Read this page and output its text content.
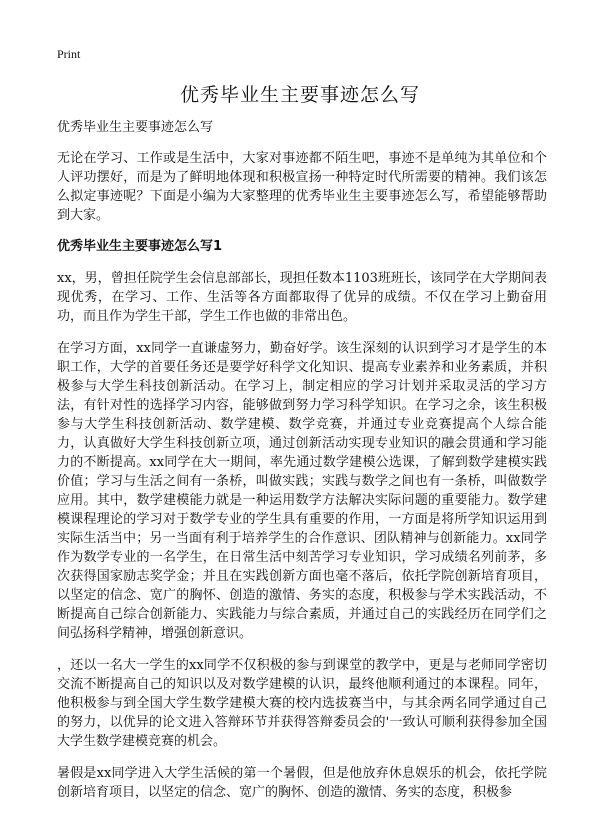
Print
优秀毕业生主要事迹怎么写
优秀毕业生主要事迹怎么写

无论在学习、工作或是生活中，大家对事迹都不陌生吧，事迹不是单纯为其单位和个人评功摆好，而是为了鲜明地体现和积极宣扬一种特定时代所需要的精神。我们该怎么拟定事迹呢？下面是小编为大家整理的优秀毕业生主要事迹怎么写，希望能够帮助到大家。

优秀毕业生主要事迹怎么写1

xx，男，曾担任院学生会信息部部长，现担任数本1103班班长，该同学在大学期间表现优秀，在学习、工作、生活等各方面都取得了优异的成绩。不仅在学习上勤奋用功，而且作为学生干部，学生工作也做的非常出色。

在学习方面，xx同学一直谦虚努力，勤奋好学。该生深刻的认识到学习才是学生的本职工作，大学的首要任务还是要学好科学文化知识、提高专业素养和业务素质，并积极参与大学生科技创新活动。在学习上，制定相应的学习计划并采取灵活的学习方法，有针对性的选择学习内容，能够做到努力学习科学知识。在学习之余，该生积极参与大学生科技创新活动、数学建模、数学竞赛，并通过专业竞赛提高个人综合能力，认真做好大学生科技创新立项，通过创新活动实现专业知识的融会贯通和学习能力的不断提高。xx同学在大一期间，率先通过数学建模公选课，了解到数学建模实践价值；学习与生活之间有一条桥，叫做实践；实践与数学之间也有一条桥，叫做数学应用。其中，数学建模能力就是一种运用数学方法解决实际问题的重要能力。数学建模课程理论的学习对于数学专业的学生具有重要的作用，一方面是将所学知识运用到实际生活当中；另一当面有利于培养学生的合作意识、团队精神与创新能力。xx同学作为数学专业的一名学生，在日常生活中刻苦学习专业知识，学习成绩名列前茅，多次获得国家励志奖学金；并且在实践创新方面也毫不落后，依托学院创新培育项目，以坚定的信念、宽广的胸怀、创造的激情、务实的态度，积极参与学术实践活动，不断提高自己综合创新能力、实践能力与综合素质，并通过自己的实践经历在同学们之间弘扬科学精神，增强创新意识。

，还以一名大一学生的xx同学不仅积极的参与到课堂的教学中，更是与老师同学密切交流不断提高自己的知识以及对数学建模的认识，最终他顺利通过的本课程。同年，他积极参与到全国大学生数学建模大赛的校内选拔赛当中，与其余两名同学通过自己的努力，以优异的论文进入答辩环节并获得答辩委员会的'一致认可顺利获得参加全国大学生数学建模竞赛的机会。

暑假是xx同学进入大学生活候的第一个暑假，但是他放弃休息娱乐的机会，依托学院创新培育项目，以坚定的信念、宽广的胸怀、创造的激情、务实的态度，积极参
